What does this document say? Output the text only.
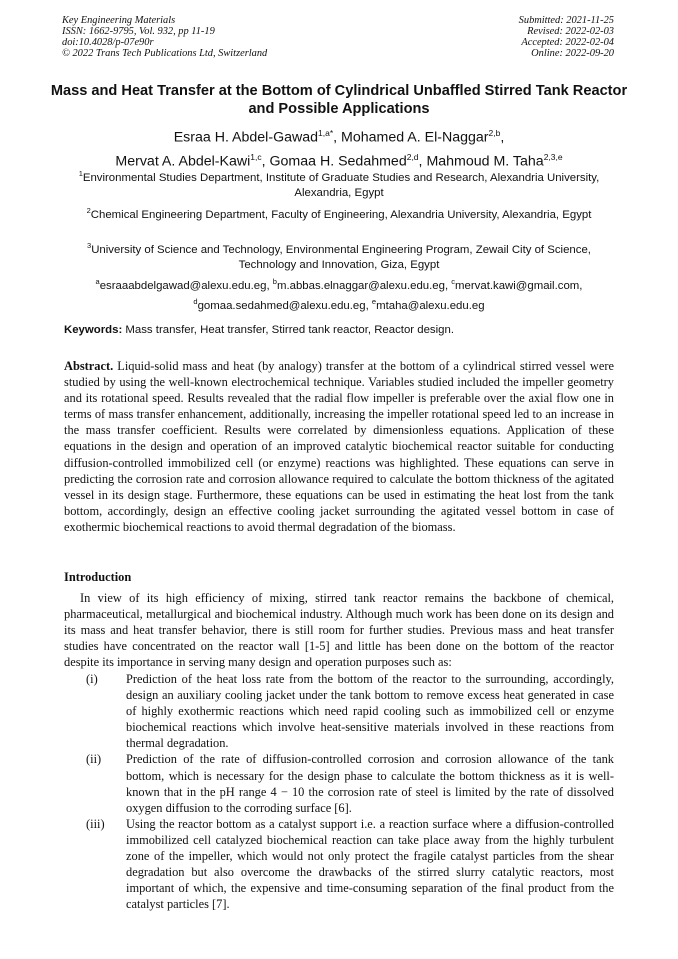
Key Engineering Materials
ISSN: 1662-9795, Vol. 932, pp 11-19
doi:10.4028/p-07e90r
© 2022 Trans Tech Publications Ltd, Switzerland
Submitted: 2021-11-25
Revised: 2022-02-03
Accepted: 2022-02-04
Online: 2022-09-20
Mass and Heat Transfer at the Bottom of Cylindrical Unbaffled Stirred Tank Reactor and Possible Applications
Esraa H. Abdel-Gawad$^{1,a*}$, Mohamed A. El-Naggar$^{2,b}$,
Mervat A. Abdel-Kawi$^{1,c}$, Gomaa H. Sedahmed$^{2,d}$, Mahmoud M. Taha$^{2,3,e}$
$^1$Environmental Studies Department, Institute of Graduate Studies and Research, Alexandria University, Alexandria, Egypt
$^2$Chemical Engineering Department, Faculty of Engineering, Alexandria University, Alexandria, Egypt
$^3$University of Science and Technology, Environmental Engineering Program, Zewail City of Science, Technology and Innovation, Giza, Egypt
$^a$esraaabdelgawad@alexu.edu.eg, $^b$m.abbas.elnaggar@alexu.edu.eg, $^c$mervat.kawi@gmail.com,
$^d$gomaa.sedahmed@alexu.edu.eg, $^e$mtaha@alexu.edu.eg
Keywords: Mass transfer, Heat transfer, Stirred tank reactor, Reactor design.
Abstract. Liquid-solid mass and heat (by analogy) transfer at the bottom of a cylindrical stirred vessel were studied by using the well-known electrochemical technique. Variables studied included the impeller geometry and its rotational speed. Results revealed that the radial flow impeller is preferable over the axial flow one in terms of mass transfer enhancement, additionally, increasing the impeller rotational speed led to an increase in the mass transfer coefficient. Results were correlated by dimensionless equations. Application of these equations in the design and operation of an improved catalytic biochemical reactor suitable for conducting diffusion-controlled immobilized cell (or enzyme) reactions was highlighted. These equations can serve in predicting the corrosion rate and corrosion allowance required to calculate the bottom thickness of the agitated vessel in its design stage. Furthermore, these equations can be used in estimating the heat lost from the tank bottom, accordingly, design an effective cooling jacket surrounding the agitated vessel bottom in case of exothermic biochemical reactions to avoid thermal degradation of the biomass.
Introduction
In view of its high efficiency of mixing, stirred tank reactor remains the backbone of chemical, pharmaceutical, metallurgical and biochemical industry. Although much work has been done on its design and its mass and heat transfer behavior, there is still room for further studies. Previous mass and heat transfer studies have concentrated on the reactor wall [1-5] and little has been done on the bottom of the reactor despite its importance in serving many design and operation purposes such as:
(i) Prediction of the heat loss rate from the bottom of the reactor to the surrounding, accordingly, design an auxiliary cooling jacket under the tank bottom to remove excess heat generated in case of highly exothermic reactions which need rapid cooling such as immobilized cell or enzyme biochemical reactions which involve heat-sensitive materials involved in these reactions from thermal degradation.
(ii) Prediction of the rate of diffusion-controlled corrosion and corrosion allowance of the tank bottom, which is necessary for the design phase to calculate the bottom thickness as it is well-known that in the pH range 4 − 10 the corrosion rate of steel is limited by the rate of dissolved oxygen diffusion to the corroding surface [6].
(iii) Using the reactor bottom as a catalyst support i.e. a reaction surface where a diffusion-controlled immobilized cell catalyzed biochemical reaction can take place away from the highly turbulent zone of the impeller, which would not only protect the fragile catalyst particles from the shear degradation but also overcome the drawbacks of the stirred slurry catalytic reactors, most important of which, the expensive and time-consuming separation of the final product from the catalyst particles [7].
